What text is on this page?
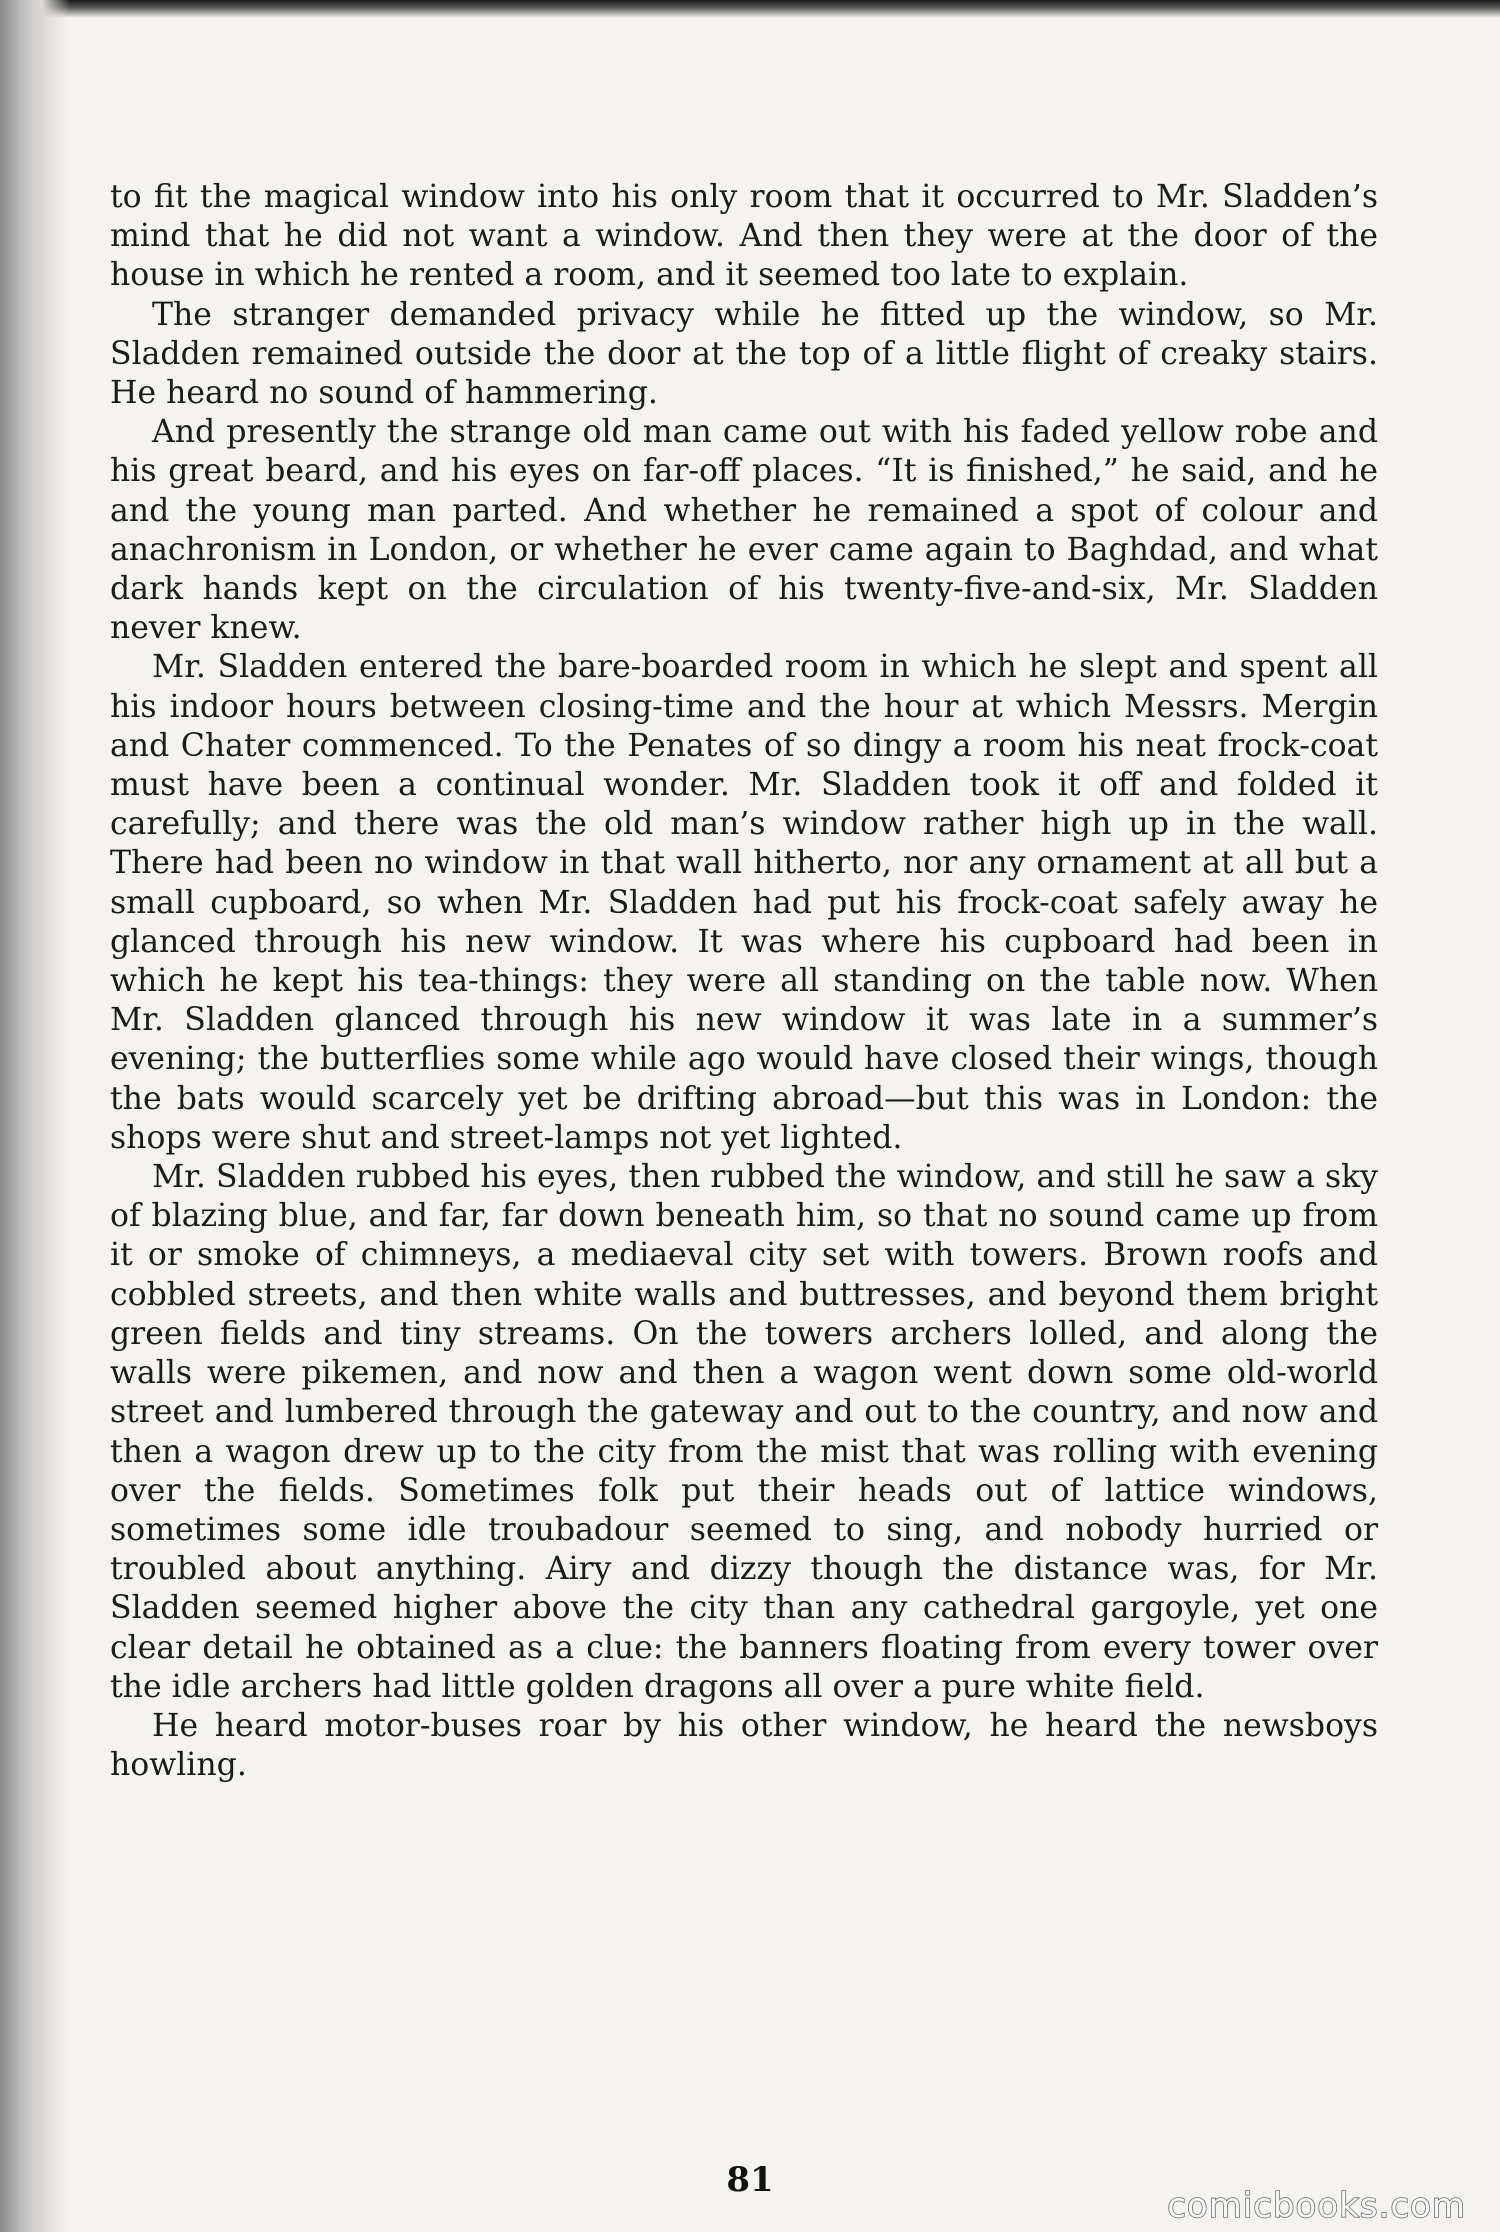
to fit the magical window into his only room that it occurred to Mr. Sladden’s mind that he did not want a window. And then they were at the door of the house in which he rented a room, and it seemed too late to explain.

The stranger demanded privacy while he fitted up the window, so Mr. Sladden remained outside the door at the top of a little flight of creaky stairs. He heard no sound of hammering.

And presently the strange old man came out with his faded yellow robe and his great beard, and his eyes on far-off places. “It is finished,” he said, and he and the young man parted. And whether he remained a spot of colour and anachronism in London, or whether he ever came again to Baghdad, and what dark hands kept on the circulation of his twenty-five-and-six, Mr. Sladden never knew.

Mr. Sladden entered the bare-boarded room in which he slept and spent all his indoor hours between closing-time and the hour at which Messrs. Mergin and Chater commenced. To the Penates of so dingy a room his neat frock-coat must have been a continual wonder. Mr. Sladden took it off and folded it carefully; and there was the old man’s window rather high up in the wall. There had been no window in that wall hitherto, nor any ornament at all but a small cupboard, so when Mr. Sladden had put his frock-coat safely away he glanced through his new window. It was where his cupboard had been in which he kept his tea-things: they were all standing on the table now. When Mr. Sladden glanced through his new window it was late in a summer’s evening; the butterflies some while ago would have closed their wings, though the bats would scarcely yet be drifting abroad—but this was in London: the shops were shut and street-lamps not yet lighted.

Mr. Sladden rubbed his eyes, then rubbed the window, and still he saw a sky of blazing blue, and far, far down beneath him, so that no sound came up from it or smoke of chimneys, a mediaeval city set with towers. Brown roofs and cobbled streets, and then white walls and buttresses, and beyond them bright green fields and tiny streams. On the towers archers lolled, and along the walls were pikemen, and now and then a wagon went down some old-world street and lumbered through the gateway and out to the country, and now and then a wagon drew up to the city from the mist that was rolling with evening over the fields. Sometimes folk put their heads out of lattice windows, sometimes some idle troubadour seemed to sing, and nobody hurried or troubled about anything. Airy and dizzy though the distance was, for Mr. Sladden seemed higher above the city than any cathedral gargoyle, yet one clear detail he obtained as a clue: the banners floating from every tower over the idle archers had little golden dragons all over a pure white field.

He heard motor-buses roar by his other window, he heard the newsboys howling.

81
comicbooks.com
